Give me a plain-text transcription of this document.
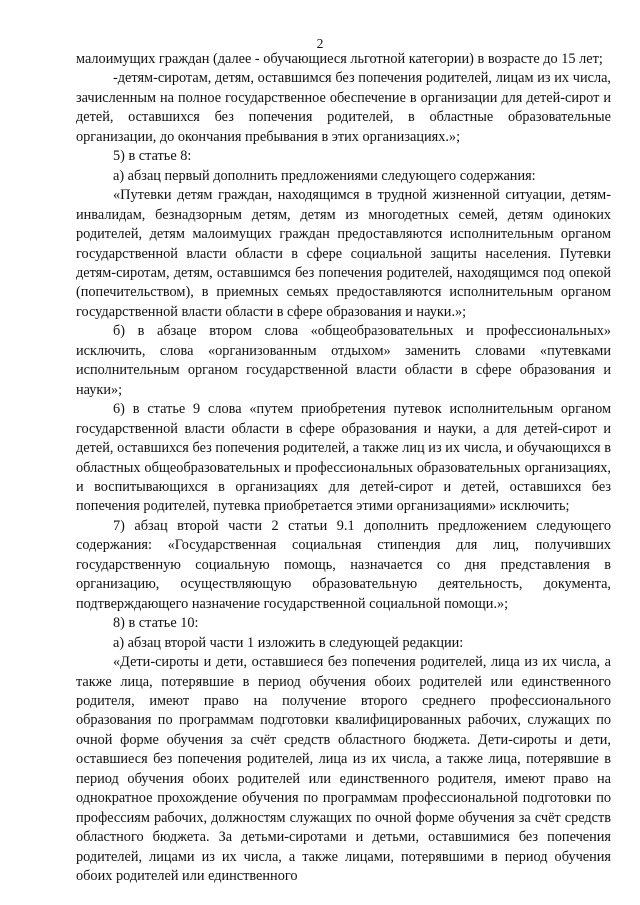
2

малоимущих граждан (далее - обучающиеся льготной категории) в возрасте до 15 лет;

-детям-сиротам, детям, оставшимся без попечения родителей, лицам из их числа, зачисленным на полное государственное обеспечение в организации для детей-сирот и детей, оставшихся без попечения родителей, в областные образовательные организации, до окончания пребывания в этих организациях.»;

5) в статье 8:

а) абзац первый дополнить предложениями следующего содержания:

«Путевки детям граждан, находящимся в трудной жизненной ситуации, детям-инвалидам, безнадзорным детям, детям из многодетных семей, детям одиноких родителей, детям малоимущих граждан предоставляются исполнительным органом государственной власти области в сфере социальной защиты населения. Путевки детям-сиротам, детям, оставшимся без попечения родителей, находящимся под опекой (попечительством), в приемных семьях предоставляются исполнительным органом государственной власти области в сфере образования и науки.»;

б) в абзаце втором слова «общеобразовательных и профессиональных» исключить, слова «организованным отдыхом» заменить словами «путевками исполнительным органом государственной власти области в сфере образования и науки»;

6) в статье 9 слова «путем приобретения путевок исполнительным органом государственной власти области в сфере образования и науки, а для детей-сирот и детей, оставшихся без попечения родителей, а также лиц из их числа, и обучающихся в областных общеобразовательных и профессиональных образовательных организациях, и воспитывающихся в организациях для детей-сирот и детей, оставшихся без попечения родителей, путевка приобретается этими организациями» исключить;

7) абзац второй части 2 статьи 9.1 дополнить предложением следующего содержания: «Государственная социальная стипендия для лиц, получивших государственную социальную помощь, назначается со дня представления в организацию, осуществляющую образовательную деятельность, документа, подтверждающего назначение государственной социальной помощи.»;

8) в статье 10:

а) абзац второй части 1 изложить в следующей редакции:

«Дети-сироты и дети, оставшиеся без попечения родителей, лица из их числа, а также лица, потерявшие в период обучения обоих родителей или единственного родителя, имеют право на получение второго среднего профессионального образования по программам подготовки квалифицированных рабочих, служащих по очной форме обучения за счёт средств областного бюджета. Дети-сироты и дети, оставшиеся без попечения родителей, лица из их числа, а также лица, потерявшие в период обучения обоих родителей или единственного родителя, имеют право на однократное прохождение обучения по программам профессиональной подготовки по профессиям рабочих, должностям служащих по очной форме обучения за счёт средств областного бюджета. За детьми-сиротами и детьми, оставшимися без попечения родителей, лицами из их числа, а также лицами, потерявшими в период обучения обоих родителей или единственного
